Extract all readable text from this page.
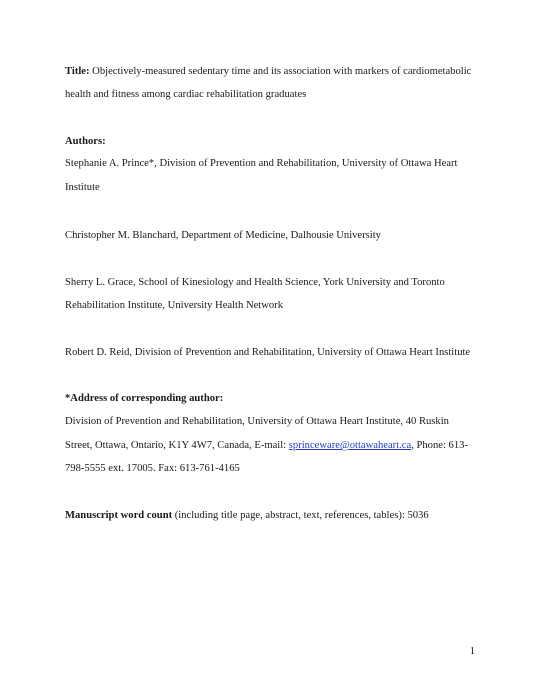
Title: Objectively-measured sedentary time and its association with markers of cardiometabolic
health and fitness among cardiac rehabilitation graduates
Authors:
Stephanie A. Prince*, Division of Prevention and Rehabilitation, University of Ottawa Heart
Institute
Christopher M. Blanchard, Department of Medicine, Dalhousie University
Sherry L. Grace, School of Kinesiology and Health Science, York University and Toronto
Rehabilitation Institute, University Health Network
Robert D. Reid, Division of Prevention and Rehabilitation, University of Ottawa Heart Institute
*Address of corresponding author:
Division of Prevention and Rehabilitation, University of Ottawa Heart Institute, 40 Ruskin
Street, Ottawa, Ontario, K1Y 4W7, Canada, E-mail: sprinceware@ottawaheart.ca, Phone: 613-
798-5555 ext. 17005. Fax: 613-761-4165
Manuscript word count (including title page, abstract, text, references, tables): 5036
1
